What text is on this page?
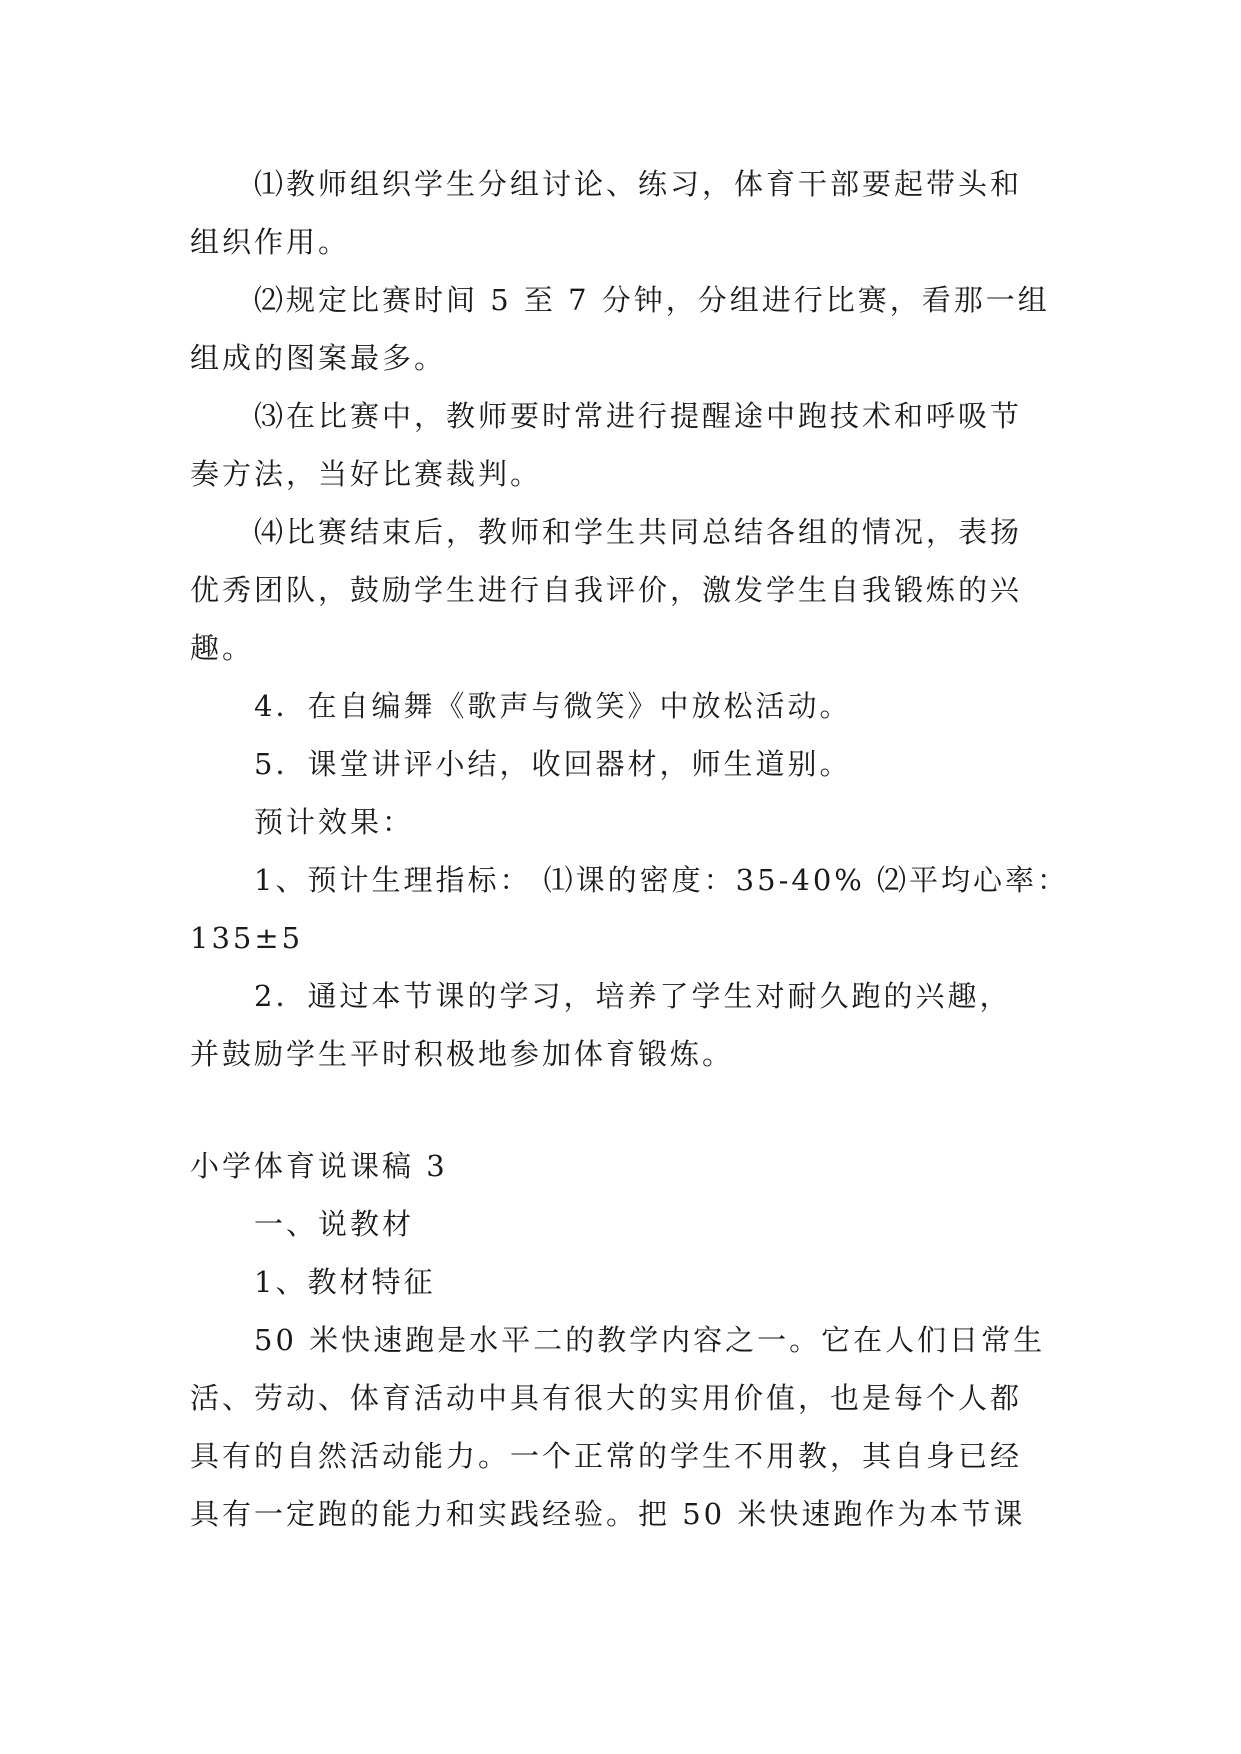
⑴教师组织学生分组讨论、练习，体育干部要起带头和
组织作用。
⑵规定比赛时间 5 至 7 分钟，分组进行比赛，看那一组
组成的图案最多。
⑶在比赛中，教师要时常进行提醒途中跑技术和呼吸节
奏方法，当好比赛裁判。
⑷比赛结束后，教师和学生共同总结各组的情况，表扬
优秀团队，鼓励学生进行自我评价，激发学生自我锻炼的兴
趣。
4．在自编舞《歌声与微笑》中放松活动。
5．课堂讲评小结，收回器材，师生道别。
预计效果：
1、预计生理指标： ⑴课的密度：35-40% ⑵平均心率：
135±5
2．通过本节课的学习，培养了学生对耐久跑的兴趣，
并鼓励学生平时积极地参加体育锻炼。
小学体育说课稿 3
一、说教材
1、教材特征
50 米快速跑是水平二的教学内容之一。它在人们日常生
活、劳动、体育活动中具有很大的实用价值，也是每个人都
具有的自然活动能力。一个正常的学生不用教，其自身已经
具有一定跑的能力和实践经验。把 50 米快速跑作为本节课
